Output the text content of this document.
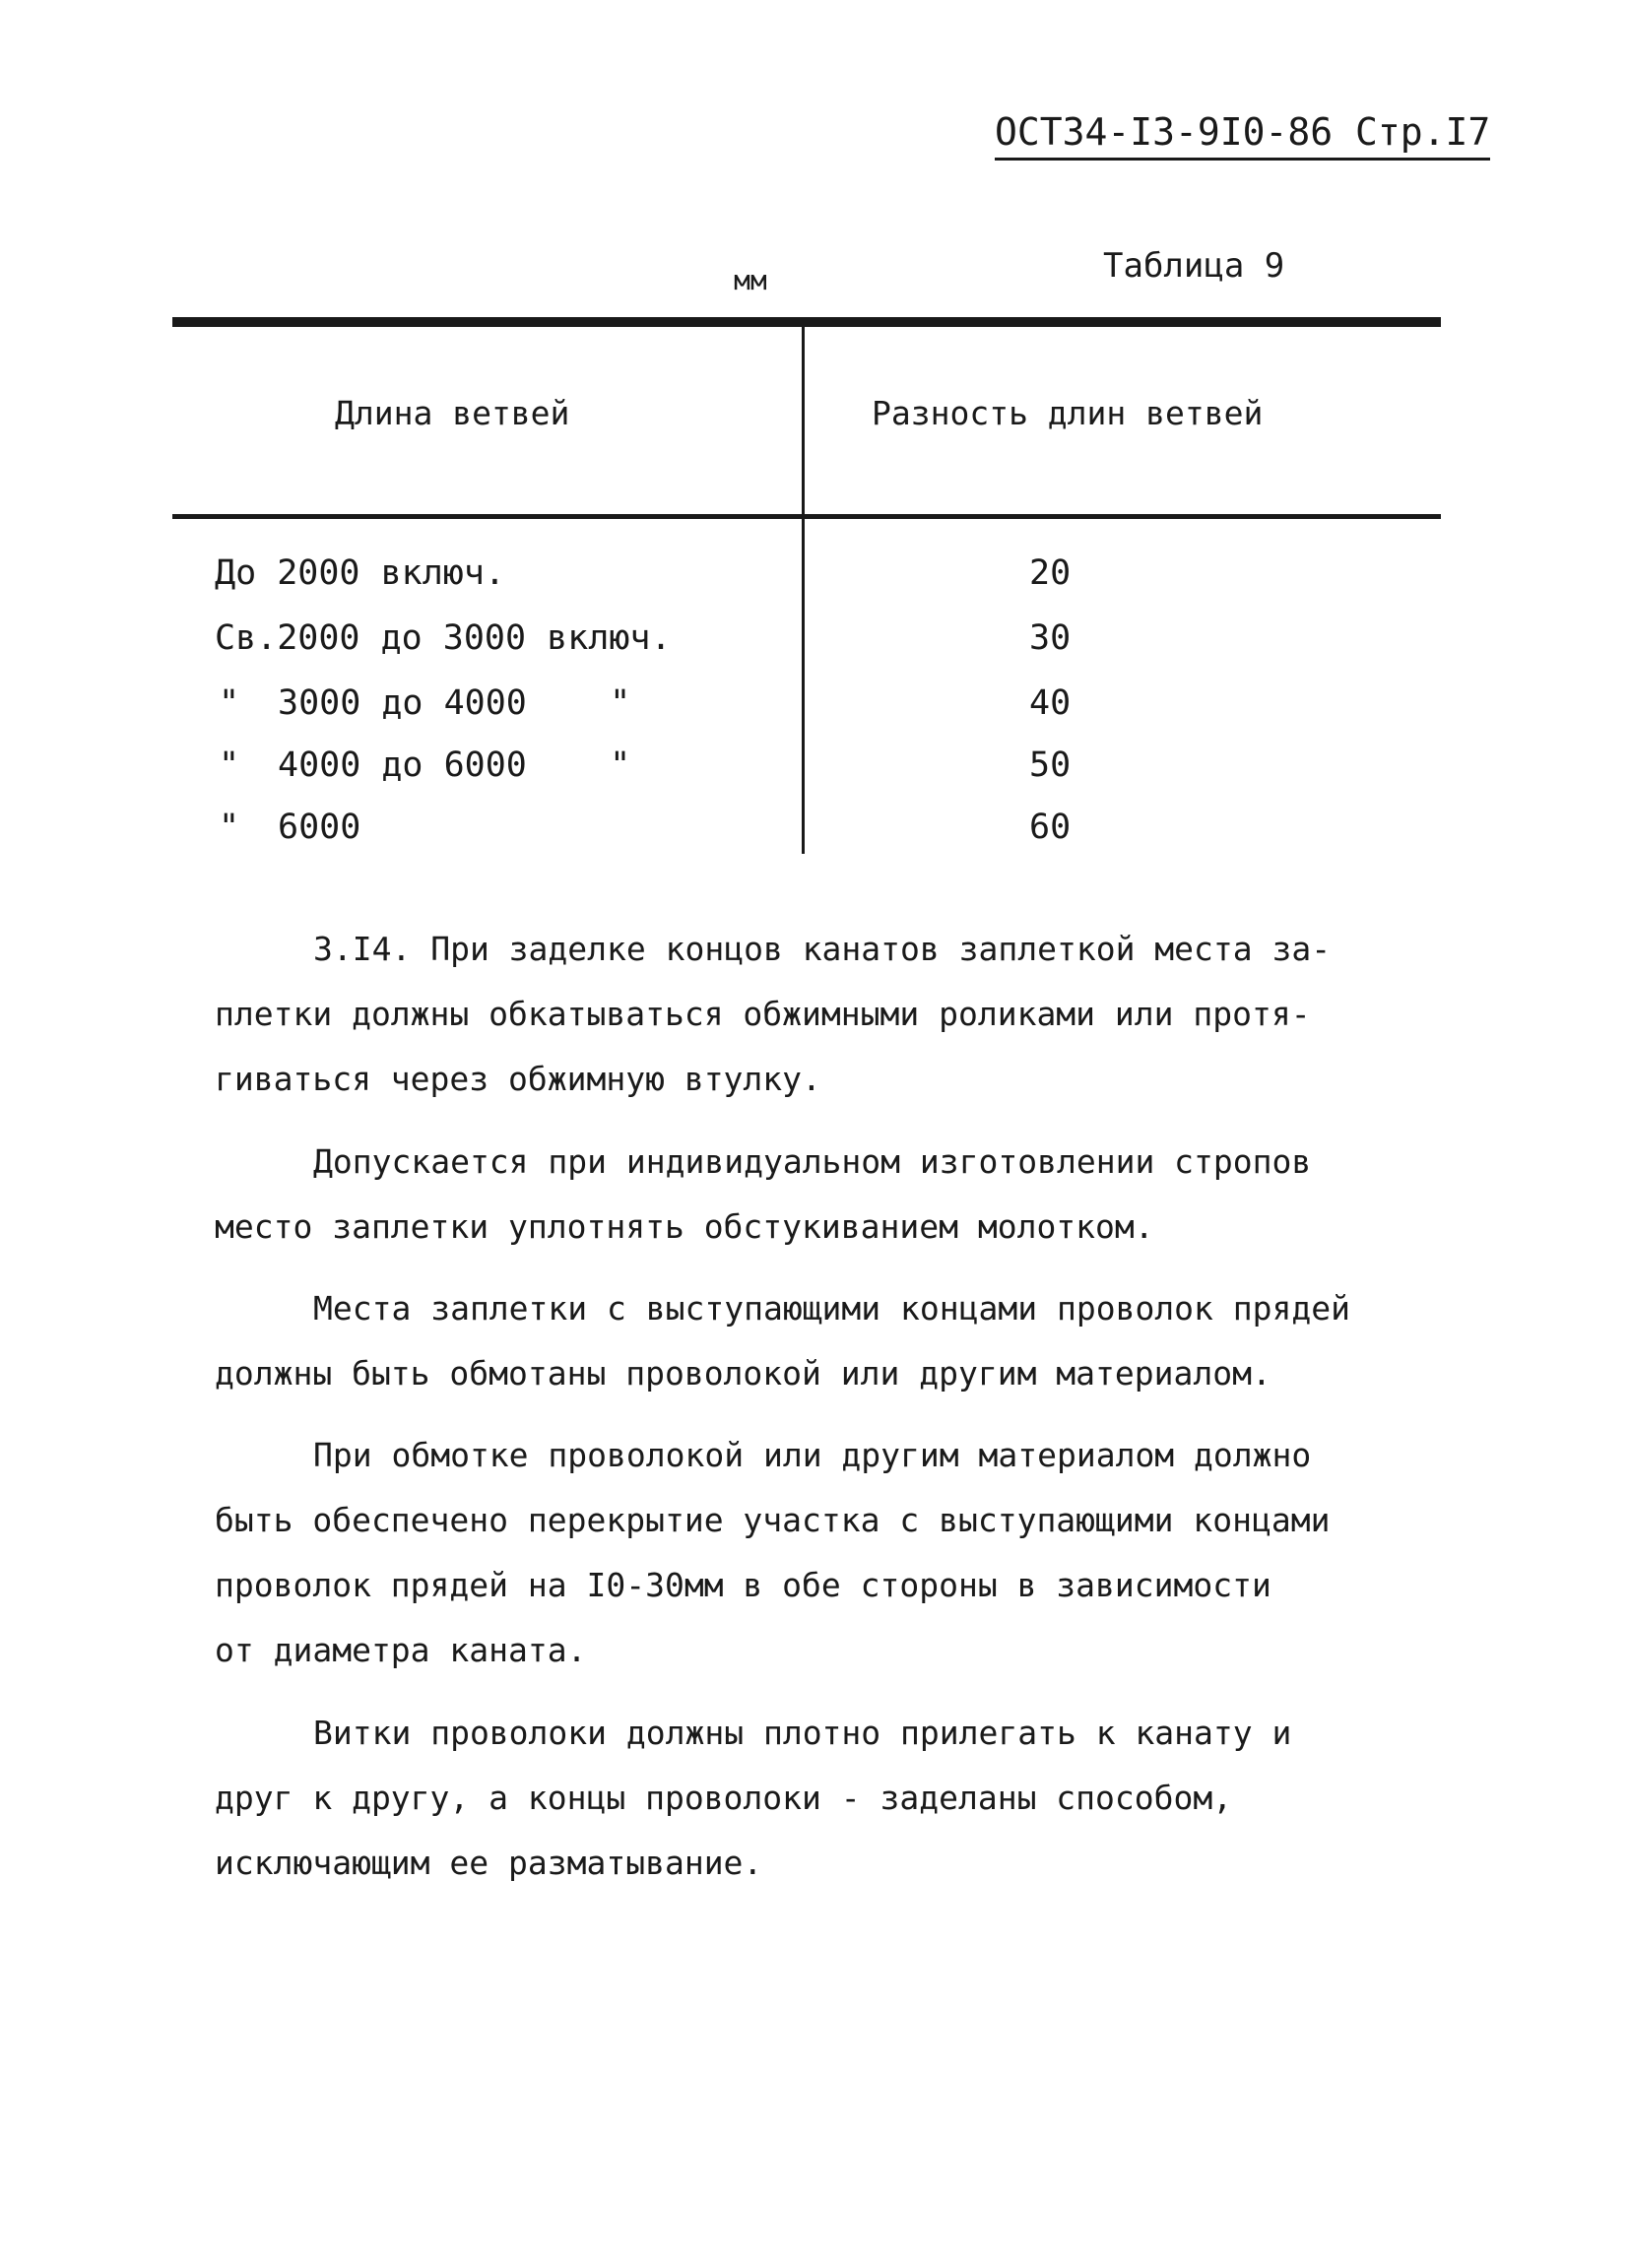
ОСТ34-I3-9I0-86 Стр.I7
мм	Таблица 9
Длина ветвей	Разность длин ветвей
До 2000 включ.	20
Св.2000 до 3000 включ.	30
" 3000 до 4000    "	40
" 4000 до 6000    "	50
" 6000	60
3.I4. При заделке концов канатов заплеткой места за-
плетки должны обкатываться обжимными роликами или протя-
гиваться через обжимную втулку.
Допускается при индивидуальном изготовлении стропов
место заплетки уплотнять обстукиванием молотком.
Места заплетки с выступающими концами проволок прядей
должны быть обмотаны проволокой или другим материалом.
При обмотке проволокой или другим материалом должно
быть обеспечено перекрытие участка с выступающими концами
проволок прядей на I0-30мм в обе стороны в зависимости
от диаметра каната.
Витки проволоки должны плотно прилегать к канату и
друг к другу, а концы проволоки - заделаны способом,
исключающим ее разматывание.
